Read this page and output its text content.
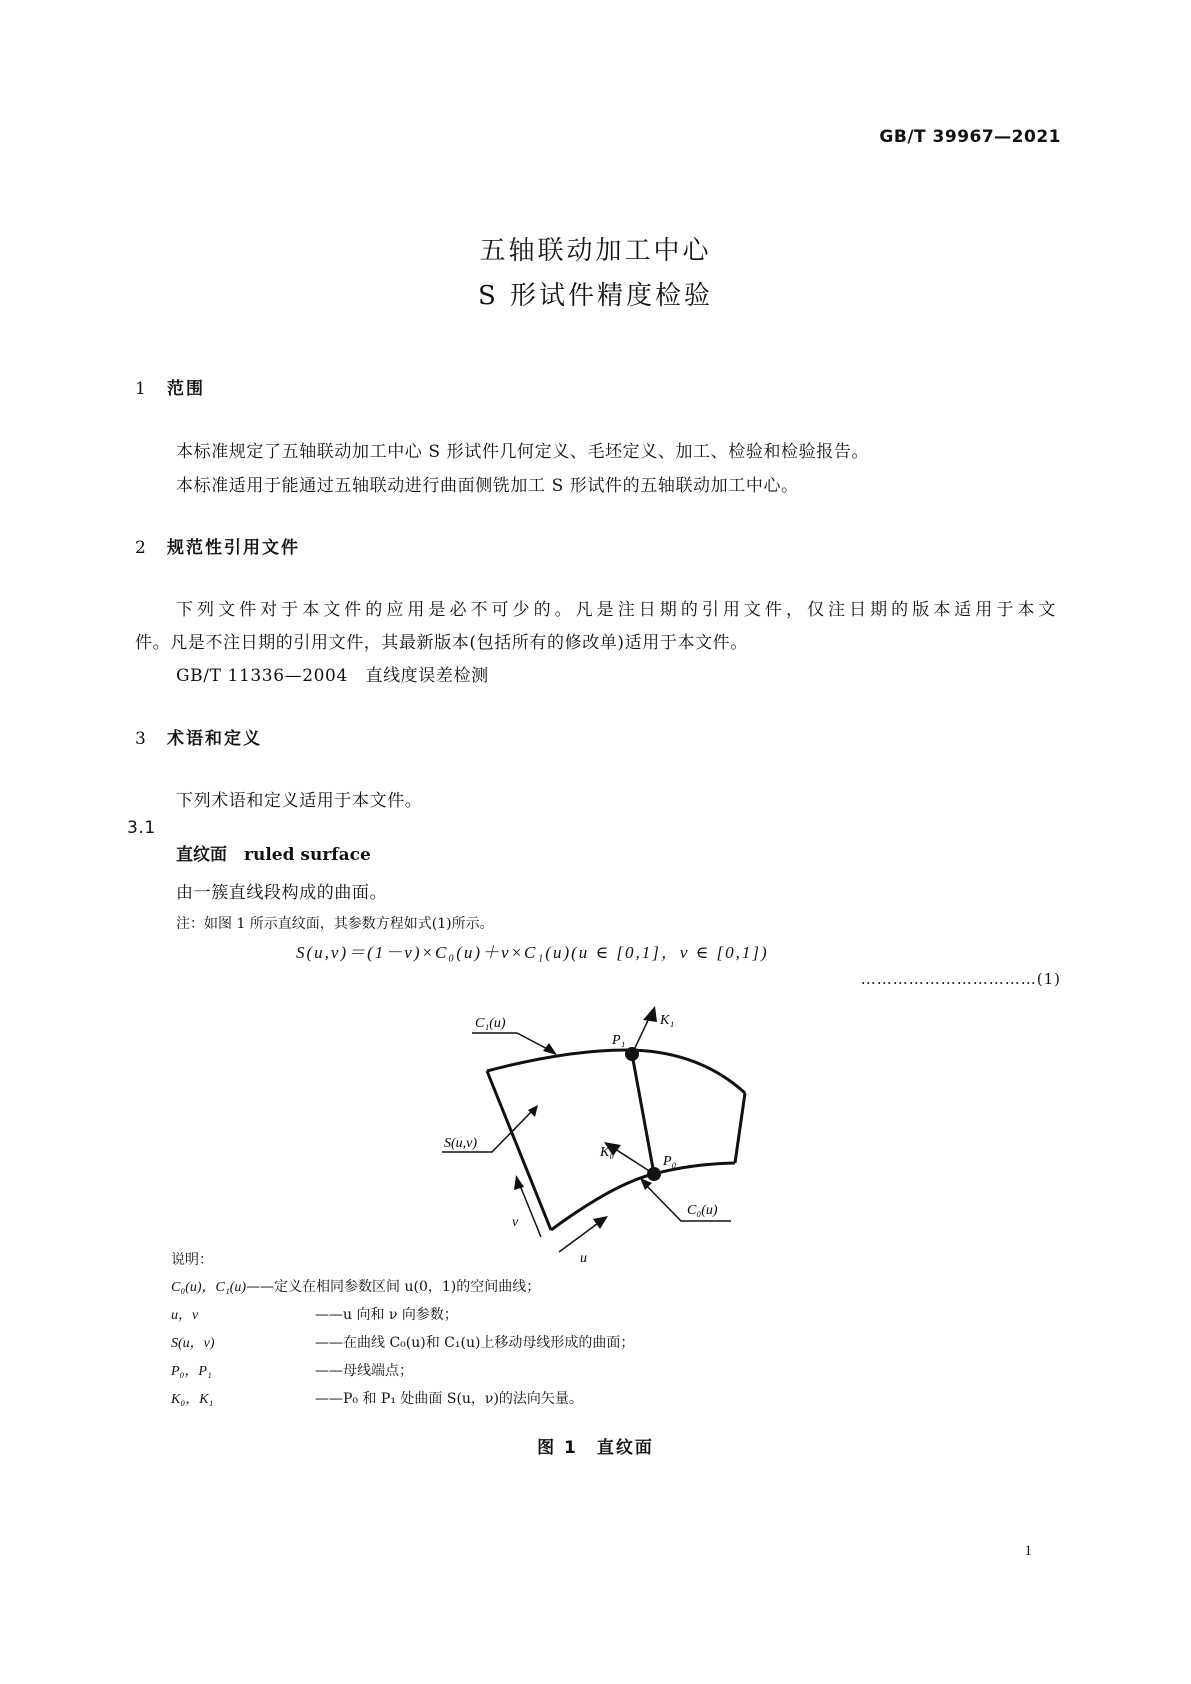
GB/T 39967—2021
五轴联动加工中心
S 形试件精度检验
1 范围
本标准规定了五轴联动加工中心 S 形试件几何定义、毛坯定义、加工、检验和检验报告。
本标准适用于能通过五轴联动进行曲面侧铣加工 S 形试件的五轴联动加工中心。
2 规范性引用文件
下列文件对于本文件的应用是必不可少的。凡是注日期的引用文件，仅注日期的版本适用于本文
件。凡是不注日期的引用文件，其最新版本(包括所有的修改单)适用于本文件。
GB/T 11336—2004　直线度误差检测
3 术语和定义
下列术语和定义适用于本文件。
3.1
直纹面　ruled surface
由一簇直线段构成的曲面。
注：如图 1 所示直纹面，其参数方程如式(1)所示。
S(u,ν)＝(1－ν)×C₀(u)＋ν×C₁(u)(u ∈ [0,1]，ν ∈ [0,1])
……………………………(1)
C₁(u)
P₁
K₁
S(u,ν)
K₀
P₀
C₀(u)
ν
u
说明：
C₀(u)，C₁(u)——定义在相同参数区间 u(0，1)的空间曲线；
u，ν	——u 向和 ν 向参数；
S(u，ν)	——在曲线 C₀(u)和 C₁(u)上移动母线形成的曲面；
P₀，P₁	——母线端点；
K₀，K₁	——P₀ 和 P₁ 处曲面 S(u，ν)的法向矢量。
图 1　直纹面
1
